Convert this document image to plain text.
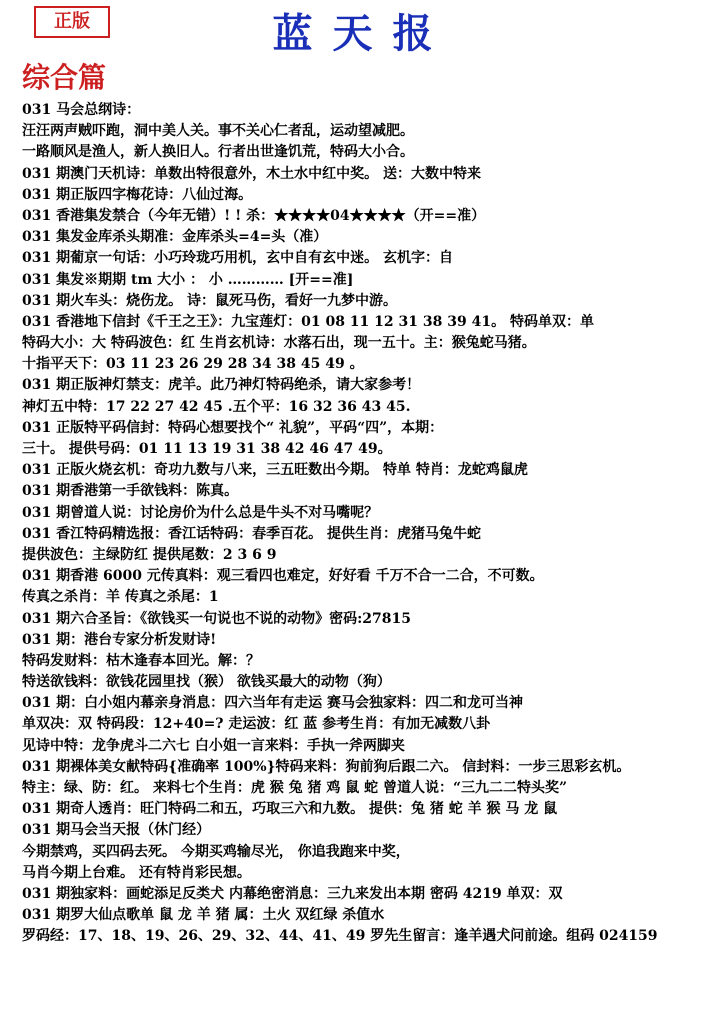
正版	蓝天报
综合篇
031 马会总纲诗：
汪汪两声贼吓跑，洞中美人关。事不关心仁者乱，运动望减肥。
一路顺风是渔人，新人换旧人。行者出世逢饥荒，特码大小合。
031 期澳门天机诗：单数出特很意外，木土水中红中奖。 送：大数中特来
031 期正版四字梅花诗：八仙过海。
031 香港集发禁合（今年无错）! ! 杀：★★★★04★★★★（开==准）
031 集发金库杀头期准：金库杀头=4=头（准）
031 期葡京一句话：小巧玲珑巧用机，玄中自有玄中迷。 玄机字：自
031 集发※期期 tm 大小 ： 小 ………… [开==准]
031 期火车头：烧伤龙。 诗：鼠死马伤，看好一九梦中游。
031 香港地下信封《千王之王》：九宝莲灯：01 08 11 12 31 38 39 41。 特码单双：单
特码大小：大 特码波色：红 生肖玄机诗：水落石出，现一五十。主：猴兔蛇马猪。
十指平天下：03 11 23 26 29 28 34 38 45 49 。
031 期正版神灯禁支：虎羊。此乃神灯特码绝杀，请大家参考！
神灯五中特：17 22 27 42 45 .五个平：16 32 36 43 45.
031 正版特平码信封：特码心想要找个“ 礼貌”，平码“四”，本期：
三十。 提供号码：01 11 13 19 31 38 42 46 47 49。
031 正版火烧玄机：奇功九数与八来，三五旺数出今期。 特单 特肖：龙蛇鸡鼠虎
031 期香港第一手欲钱料：陈真。
031 期曾道人说：讨论房价为什么总是牛头不对马嘴呢？
031 香江特码精选报：香江话特码：春季百花。 提供生肖：虎猪马兔牛蛇
提供波色：主绿防红 提供尾数：2 3 6 9
031 期香港 6000 元传真料：观三看四也难定，好好看 千万不合一二合，不可数。
传真之杀肖：羊 传真之杀尾：1
031 期六合圣旨：《欲钱买一句说也不说的动物》密码:27815
031 期：港台专家分析发财诗!
特码发财料：枯木逢春本回光。解：？
特送欲钱料：欲钱花园里找（猴） 欲钱买最大的动物（狗）
031 期：白小姐内幕亲身消息：四六当年有走运 赛马会独家料：四二和龙可当神
单双决：双 特码段：12+40=? 走运波：红 蓝 参考生肖：有加无减数八卦
见诗中特：龙争虎斗二六七 白小姐一言来料：手执一斧两脚夹
031 期裸体美女献特码{准确率 100%}特码来料：狗前狗后跟二六。 信封料：一步三思彩玄机。
特主：绿、防：红。 来料七个生肖：虎 猴 兔 猪 鸡 鼠 蛇 曾道人说：“三九二二特头奖”
031 期奇人透肖：旺门特码二和五，巧取三六和九数。 提供：兔 猪 蛇 羊 猴 马 龙 鼠
031 期马会当天报（休门经）
今期禁鸡，买四码去死。 今期买鸡输尽光， 你追我跑来中奖，
马肖今期上台难。 还有特肖彩民想。
031 期独家料：画蛇添足反类犬 内幕绝密消息：三九来发出本期 密码 4219 单双：双
031 期罗大仙点歌单 鼠 龙 羊 猪 属：土火 双红绿 杀值水
罗码经：17、18、19、26、29、32、44、41、49 罗先生留言：逢羊遇犬问前途。组码 024159
